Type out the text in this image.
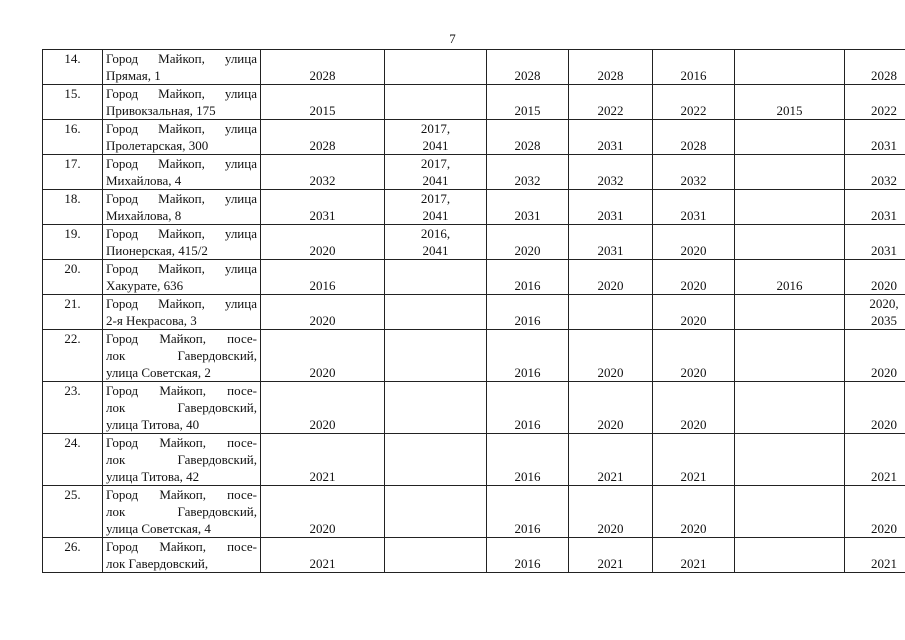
7
14.	Город Майкоп, улица
Прямая, 1	2028		2028	2028	2016		2028

15.	Город Майкоп, улица
Привокзальная, 175	2015		2015	2022	2022	2015	2022

16.	Город Майкоп, улица
Пролетарская, 300	2028	2017,
2041	2028	2031	2028		2031

17.	Город Майкоп, улица
Михайлова, 4	2032	2017,
2041	2032	2032	2032		2032

18.	Город Майкоп, улица
Михайлова, 8	2031	2017,
2041	2031	2031	2031		2031

19.	Город Майкоп, улица
Пионерская, 415/2	2020	2016,
2041	2020	2031	2020		2031

20.	Город Майкоп, улица
Хакурате, 636	2016		2016	2020	2020	2016	2020

21.	Город Майкоп, улица
2-я Некрасова, 3	2020		2016		2020		2020,
2035

22.	Город Майкоп, посе-
лок Гавердовский,
улица Советская, 2	2020		2016	2020	2020		2020

23.	Город Майкоп, посе-
лок Гавердовский,
улица Титова, 40	2020		2016	2020	2020		2020

24.	Город Майкоп, посе-
лок Гавердовский,
улица Титова, 42	2021		2016	2021	2021		2021

25.	Город Майкоп, посе-
лок Гавердовский,
улица Советская, 4	2020		2016	2020	2020		2020

26.	Город Майкоп, посе-
лок Гавердовский,	2021		2016	2021	2021		2021
